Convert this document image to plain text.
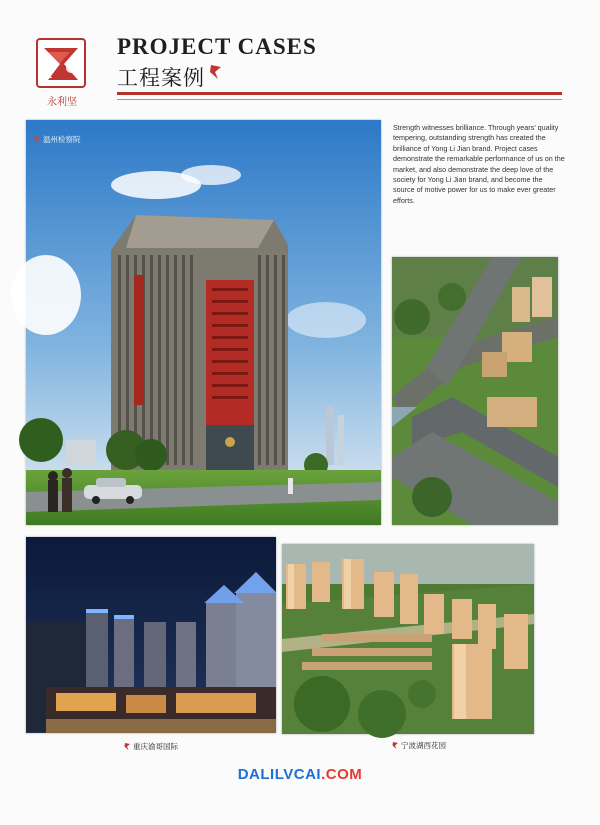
Y
永利坚
PROJECT CASES
工程案例
Strength witnesses brilliance. Through years’ quality tempering, outstanding strength has created the brilliance of Yong Li Jian brand. Project cases demonstrate the remarkable performance of us on the market, and also demonstrate the deep love of the society for Yong Li Jian brand, and become the source of motive power for us to make ever greater efforts.
温州检察院
重庆渝哥国际	宁波湖西花园
DALILVCAI.COM
